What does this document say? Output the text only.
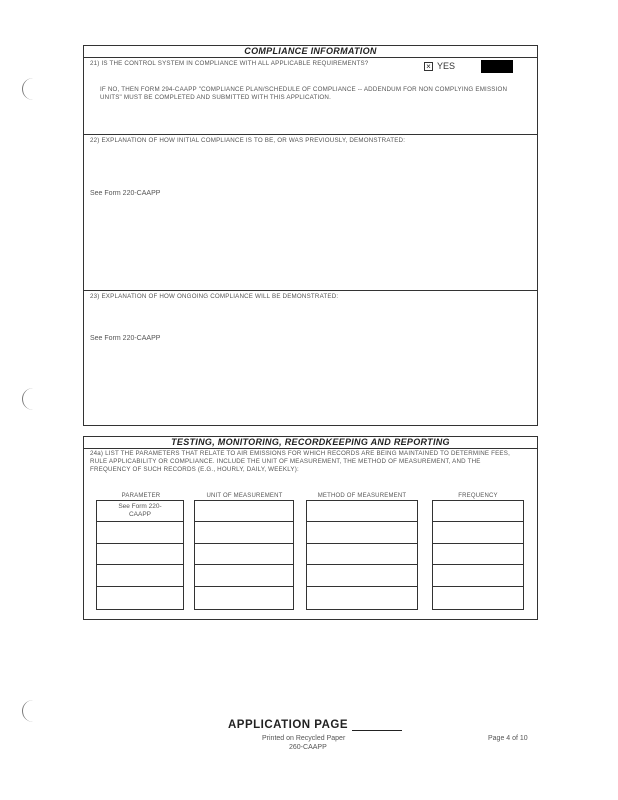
COMPLIANCE INFORMATION
21) IS THE CONTROL SYSTEM IN COMPLIANCE WITH ALL APPLICABLE REQUIREMENTS?	× YES
IF NO, THEN FORM 294-CAAPP "COMPLIANCE PLAN/SCHEDULE OF COMPLIANCE -- ADDENDUM FOR NON COMPLYING EMISSION UNITS" MUST BE COMPLETED AND SUBMITTED WITH THIS APPLICATION.
22) EXPLANATION OF HOW INITIAL COMPLIANCE IS TO BE, OR WAS PREVIOUSLY, DEMONSTRATED:
See Form 220-CAAPP
23) EXPLANATION OF HOW ONGOING COMPLIANCE WILL BE DEMONSTRATED:
See Form 220-CAAPP
TESTING, MONITORING, RECORDKEEPING AND REPORTING
24a) LIST THE PARAMETERS THAT RELATE TO AIR EMISSIONS FOR WHICH RECORDS ARE BEING MAINTAINED TO DETERMINE FEES, RULE APPLICABILITY OR COMPLIANCE. INCLUDE THE UNIT OF MEASUREMENT, THE METHOD OF MEASUREMENT, AND THE FREQUENCY OF SUCH RECORDS (E.G., HOURLY, DAILY, WEEKLY):
PARAMETER	UNIT OF MEASUREMENT	METHOD OF MEASUREMENT	FREQUENCY
See Form 220-CAAPP
APPLICATION PAGE
Printed on Recycled Paper
260-CAAPP
Page 4 of 10
